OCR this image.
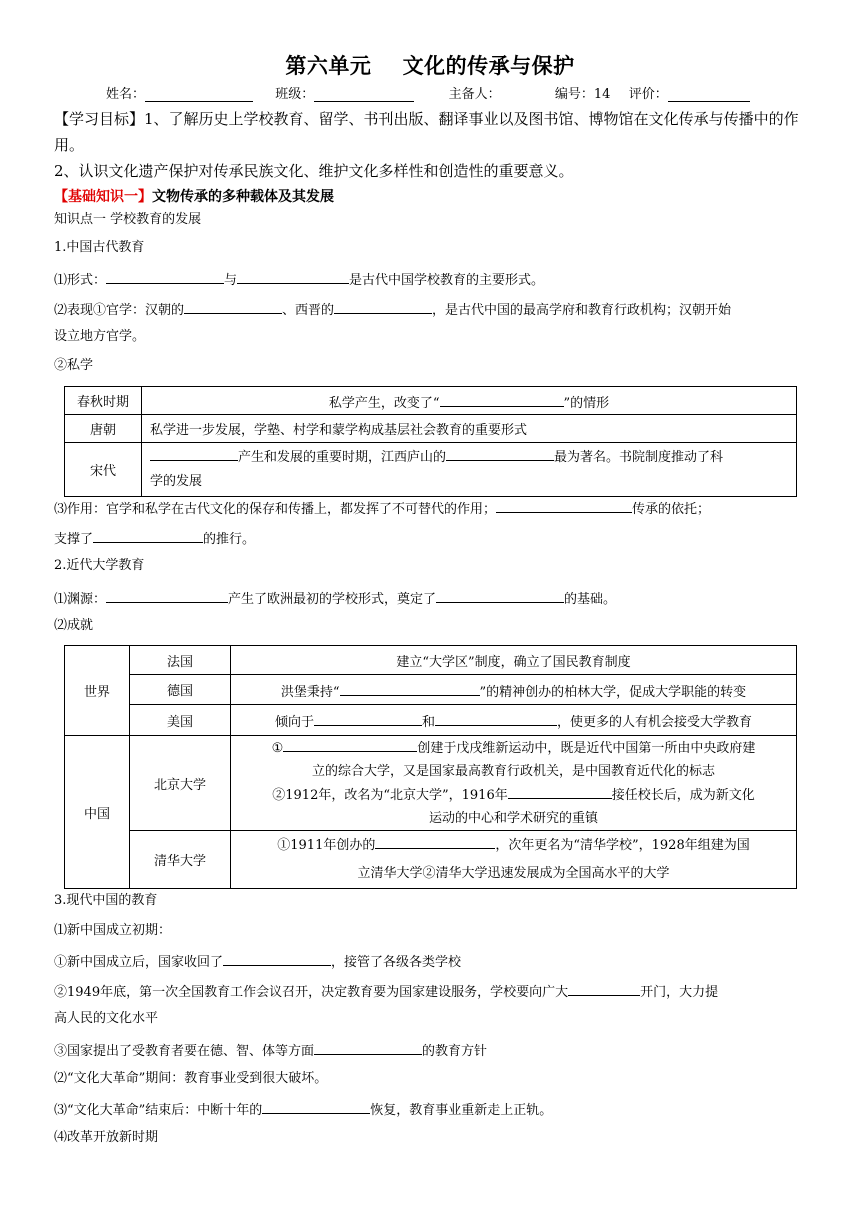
第六单元    文化的传承与保护
姓名：	班级：	主备人：	编号：14 评价：
【学习目标】1、了解历史上学校教育、留学、书刊出版、翻译事业以及图书馆、博物馆在文化传承与传播中的作用。
2、认识文化遗产保护对传承民族文化、维护文化多样性和创造性的重要意义。
【基础知识一】文物传承的多种载体及其发展
知识点一 学校教育的发展
1.中国古代教育
⑴形式：	与	是古代中国学校教育的主要形式。
⑵表现①官学：汉朝的	、西晋的	，是古代中国的最高学府和教育行政机构；汉朝开始
设立地方官学。
②私学
春秋时期	私学产生，改变了“ ”的情形
唐朝	私学进一步发展，学塾、村学和蒙学构成基层社会教育的重要形式
宋代	产生和发展的重要时期，江西庐山的 最为著名。书院制度推动了科
学的发展
⑶作用：官学和私学在古代文化的保存和传播上，都发挥了不可替代的作用；	传承的依托；
支撑了	的推行。
2.近代大学教育
⑴渊源：	产生了欧洲最初的学校形式，奠定了	的基础。
⑵成就
世界	法国	建立“大学区”制度，确立了国民教育制度
	德国	洪堡秉持“ ”的精神创办的柏林大学，促成大学职能的转变
	美国	倾向于 和 ，使更多的人有机会接受大学教育
中国	北京大学	① 创建于戊戌维新运动中，既是近代中国第一所由中央政府建
立的综合大学，又是国家最高教育行政机关，是中国教育近代化的标志
②1912年，改名为“北京大学”，1916年 接任校长后，成为新文化
运动的中心和学术研究的重镇
	清华大学	①1911年创办的 ，次年更名为“清华学校”，1928年组建为国
立清华大学②清华大学迅速发展成为全国高水平的大学
3.现代中国的教育
⑴新中国成立初期：
①新中国成立后，国家收回了	，接管了各级各类学校
②1949年底，第一次全国教育工作会议召开，决定教育要为国家建设服务，学校要向广大	开门，大力提
高人民的文化水平
③国家提出了受教育者要在德、智、体等方面	的教育方针
⑵“文化大革命”期间：教育事业受到很大破坏。
⑶“文化大革命”结束后：中断十年的	恢复，教育事业重新走上正轨。
⑷改革开放新时期
